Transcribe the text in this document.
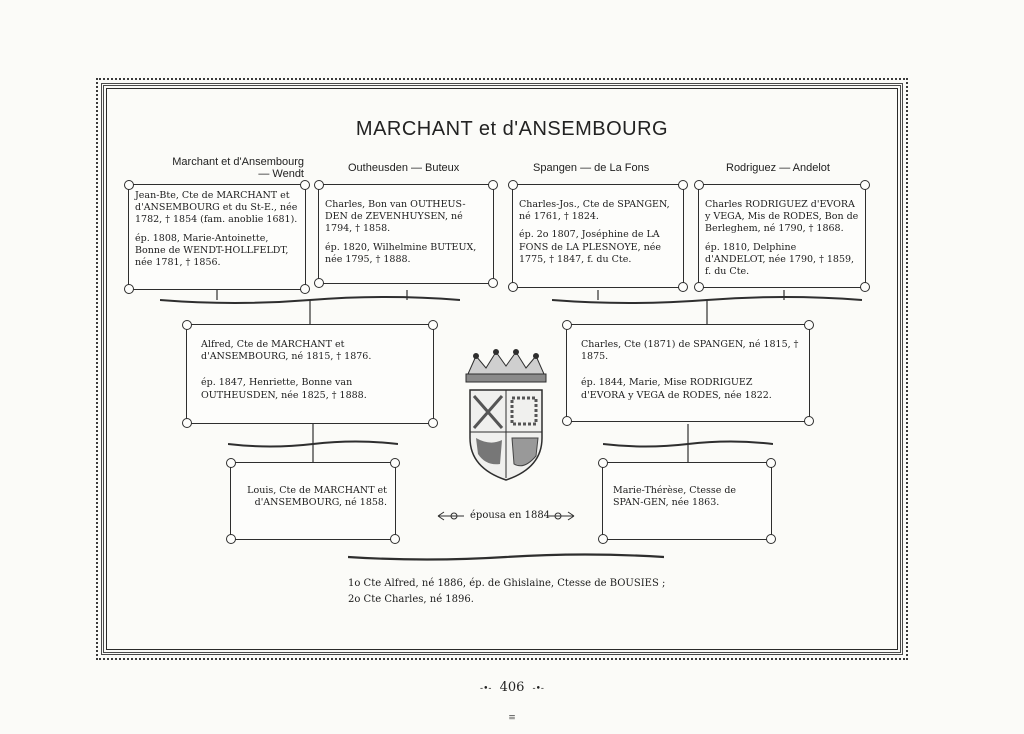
MARCHANT et d'ANSEMBOURG
Marchant et d'Ansembourg
— Wendt	Outheusden — Buteux	Spangen — de La Fons	Rodriguez — Andelot

Jean-Bte, Cte de MARCHANT et d'ANSEMBOURG et du St-E., née 1782, † 1854 (fam. anoblie 1681).

ép. 1808, Marie-Antoinette, Bonne de WENDT-HOLLFELDT, née 1781, † 1856.

Charles, Bon van OUTHEUS-DEN de ZEVENHUYSEN, né 1794, † 1858.

ép. 1820, Wilhelmine BUTEUX, née 1795, † 1888.

Charles-Jos., Cte de SPANGEN, né 1761, † 1824.

ép. 2o 1807, Joséphine de LA FONS de LA PLESNOYE, née 1775, † 1847, f. du Cte.

Charles RODRIGUEZ d'EVORA y VEGA, Mis de RODES, Bon de Berleghem, né 1790, † 1868.

ép. 1810, Delphine d'ANDELOT, née 1790, † 1859, f. du Cte.

Alfred, Cte de MARCHANT et d'ANSEMBOURG, né 1815, † 1876.

ép. 1847, Henriette, Bonne van OUTHEUSDEN, née 1825, † 1888.

Charles, Cte (1871) de SPANGEN, né 1815, † 1875.

ép. 1844, Marie, Mise RODRIGUEZ d'EVORA y VEGA de RODES, née 1822.

Louis, Cte de MARCHANT et d'ANSEMBOURG, né 1858.

Marie-Thérèse, Ctesse de SPAN-GEN, née 1863.

épousa en 1884
1o Cte Alfred, né 1886, ép. de Ghislaine, Ctesse de BOUSIES ;
2o Cte Charles, né 1896.
-•- 406 -•-
≡
